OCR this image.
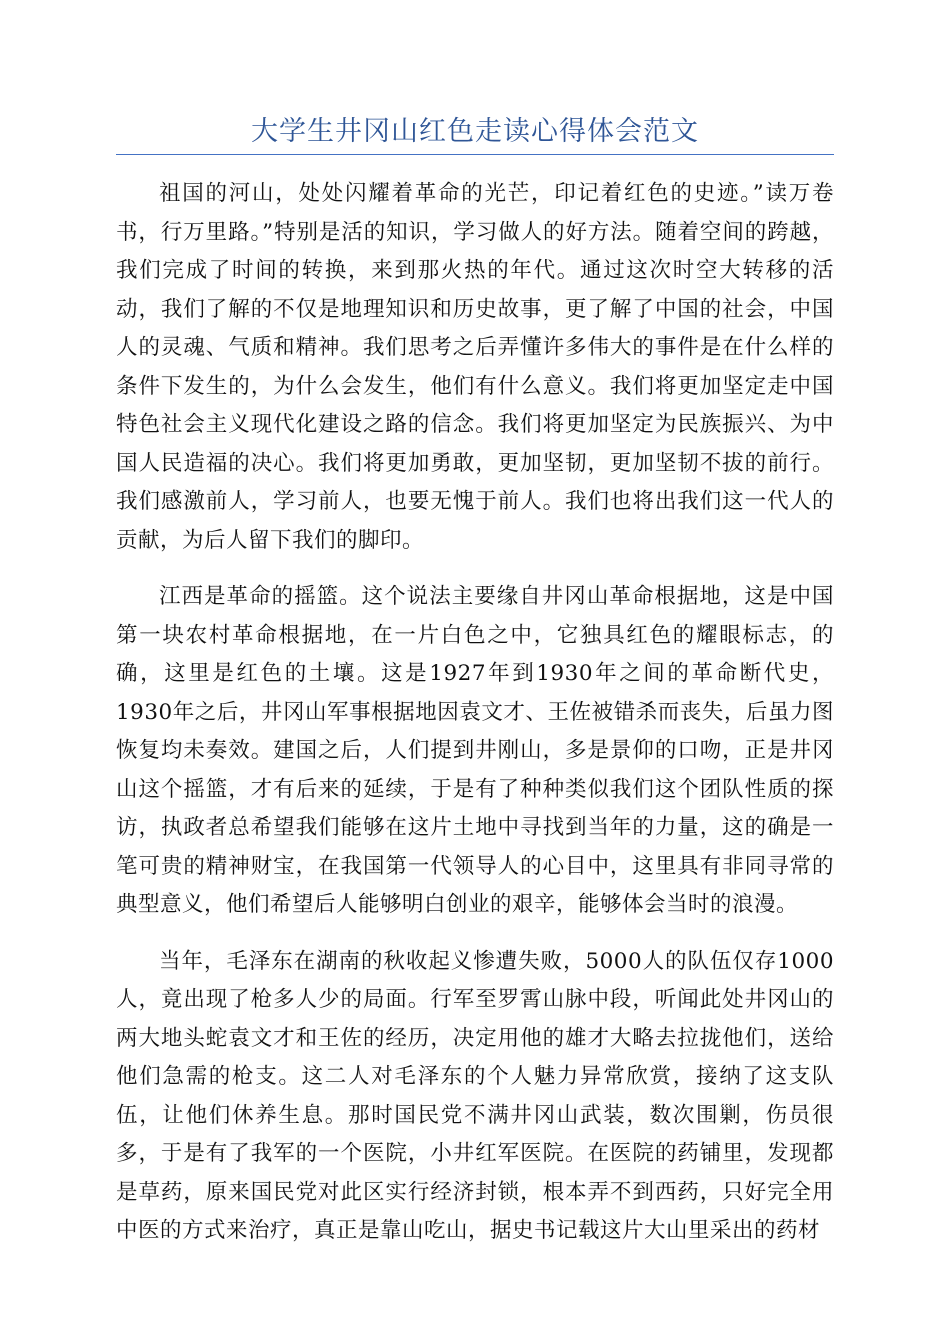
大学生井冈山红色走读心得体会范文

祖国的河山，处处闪耀着革命的光芒，印记着红色的史迹。”读万卷书，行万里路。”特别是活的知识，学习做人的好方法。随着空间的跨越，我们完成了时间的转换，来到那火热的年代。通过这次时空大转移的活动，我们了解的不仅是地理知识和历史故事，更了解了中国的社会，中国人的灵魂、气质和精神。我们思考之后弄懂许多伟大的事件是在什么样的条件下发生的，为什么会发生，他们有什么意义。我们将更加坚定走中国特色社会主义现代化建设之路的信念。我们将更加坚定为民族振兴、为中国人民造福的决心。我们将更加勇敢，更加坚韧，更加坚韧不拔的前行。我们感激前人，学习前人，也要无愧于前人。我们也将出我们这一代人的贡献，为后人留下我们的脚印。

江西是革命的摇篮。这个说法主要缘自井冈山革命根据地，这是中国第一块农村革命根据地，在一片白色之中，它独具红色的耀眼标志，的确，这里是红色的土壤。这是1927年到1930年之间的革命断代史，1930年之后，井冈山军事根据地因袁文才、王佐被错杀而丧失，后虽力图恢复均未奏效。建国之后，人们提到井刚山，多是景仰的口吻，正是井冈山这个摇篮，才有后来的延续，于是有了种种类似我们这个团队性质的探访，执政者总希望我们能够在这片土地中寻找到当年的力量，这的确是一笔可贵的精神财宝，在我国第一代领导人的心目中，这里具有非同寻常的典型意义，他们希望后人能够明白创业的艰辛，能够体会当时的浪漫。

当年，毛泽东在湖南的秋收起义惨遭失败，5000人的队伍仅存1000人，竟出现了枪多人少的局面。行军至罗霄山脉中段，听闻此处井冈山的两大地头蛇袁文才和王佐的经历，决定用他的雄才大略去拉拢他们，送给他们急需的枪支。这二人对毛泽东的个人魅力异常欣赏，接纳了这支队伍，让他们休养生息。那时国民党不满井冈山武装，数次围剿，伤员很多，于是有了我军的一个医院，小井红军医院。在医院的药铺里，发现都是草药，原来国民党对此区实行经济封锁，根本弄不到西药，只好完全用中医的方式来治疗，真正是靠山吃山，据史书记载这片大山里采出的药材
